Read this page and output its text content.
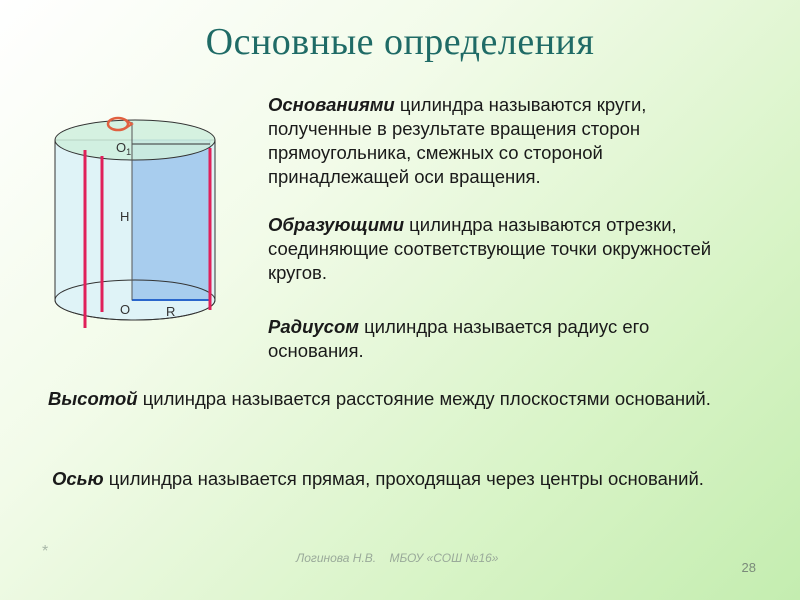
Основные определения
$O_1$
H
O	R
Основаниями цилиндра называются круги, полученные в результате вращения сторон прямоугольника, смежных со стороной принадлежащей оси вращения.
Образующими цилиндра называются отрезки, соединяющие соответствующие точки окружностей кругов.
Радиусом цилиндра называется радиус его основания.
Высотой цилиндра называется расстояние между плоскостями оснований.
Осью цилиндра называется прямая, проходящая через центры оснований.
*	Логинова Н.В. МБОУ «СОШ №16»
28
